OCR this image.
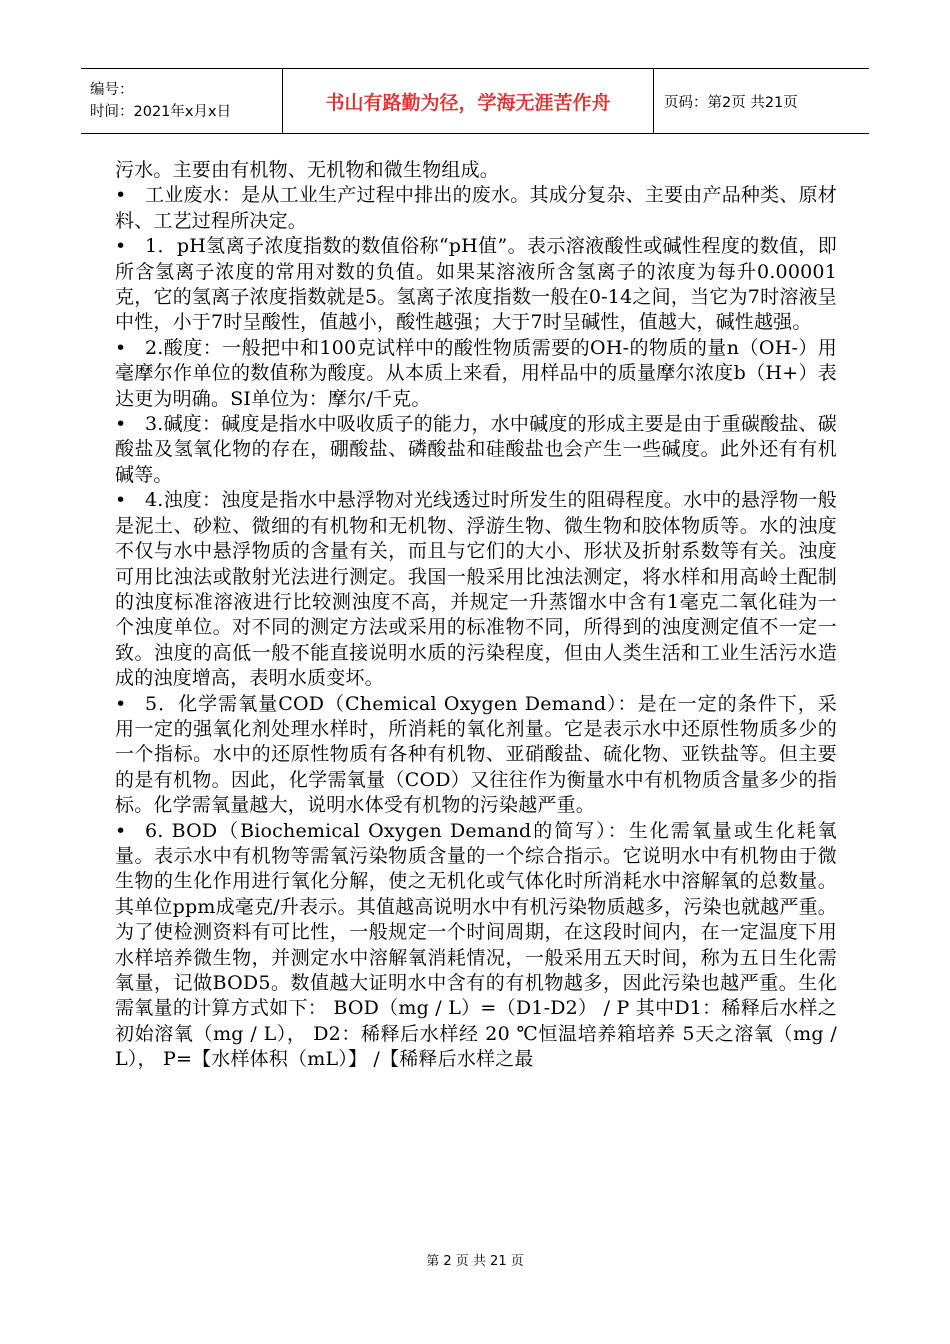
编号：
时间：2021年x月x日	书山有路勤为径，学海无涯苦作舟	页码：第2页 共21页

污水。主要由有机物、无机物和微生物组成。

• 工业废水：是从工业生产过程中排出的废水。其成分复杂、主要由产品种类、原材料、工艺过程所决定。

• 1．pH氢离子浓度指数的数值俗称“pH值”。表示溶液酸性或碱性程度的数值，即所含氢离子浓度的常用对数的负值。如果某溶液所含氢离子的浓度为每升0.00001克，它的氢离子浓度指数就是5。氢离子浓度指数一般在0-14之间，当它为7时溶液呈中性，小于7时呈酸性，值越小，酸性越强；大于7时呈碱性，值越大，碱性越强。

• 2.酸度：一般把中和100克试样中的酸性物质需要的OH-的物质的量n（OH-）用毫摩尔作单位的数值称为酸度。从本质上来看，用样品中的质量摩尔浓度b（H+）表达更为明确。SI单位为：摩尔/千克。

• 3.碱度：碱度是指水中吸收质子的能力，水中碱度的形成主要是由于重碳酸盐、碳酸盐及氢氧化物的存在，硼酸盐、磷酸盐和硅酸盐也会产生一些碱度。此外还有有机碱等。

• 4.浊度：浊度是指水中悬浮物对光线透过时所发生的阻碍程度。水中的悬浮物一般是泥土、砂粒、微细的有机物和无机物、浮游生物、微生物和胶体物质等。水的浊度不仅与水中悬浮物质的含量有关，而且与它们的大小、形状及折射系数等有关。浊度可用比浊法或散射光法进行测定。我国一般采用比浊法测定，将水样和用高岭土配制的浊度标准溶液进行比较测浊度不高，并规定一升蒸馏水中含有1毫克二氧化硅为一个浊度单位。对不同的测定方法或采用的标准物不同，所得到的浊度测定值不一定一致。浊度的高低一般不能直接说明水质的污染程度，但由人类生活和工业生活污水造成的浊度增高，表明水质变坏。

• 5．化学需氧量COD（Chemical Oxygen Demand）：是在一定的条件下，采用一定的强氧化剂处理水样时，所消耗的氧化剂量。它是表示水中还原性物质多少的一个指标。水中的还原性物质有各种有机物、亚硝酸盐、硫化物、亚铁盐等。但主要的是有机物。因此，化学需氧量（COD）又往往作为衡量水中有机物质含量多少的指标。化学需氧量越大，说明水体受有机物的污染越严重。

• 6. BOD（Biochemical Oxygen Demand的简写）：生化需氧量或生化耗氧量。表示水中有机物等需氧污染物质含量的一个综合指示。它说明水中有机物由于微生物的生化作用进行氧化分解，使之无机化或气体化时所消耗水中溶解氧的总数量。其单位ppm成毫克/升表示。其值越高说明水中有机污染物质越多，污染也就越严重。为了使检测资料有可比性，一般规定一个时间周期，在这段时间内，在一定温度下用水样培养微生物，并测定水中溶解氧消耗情况，一般采用五天时间，称为五日生化需氧量，记做BOD5。数值越大证明水中含有的有机物越多，因此污染也越严重。生化需氧量的计算方式如下： BOD（mg / L）=（D1-D2） / P 其中D1：稀释后水样之初始溶氧（mg / L）， D2：稀释后水样经 20 ℃恒温培养箱培养 5天之溶氧（mg / L）， P=【水样体积（mL）】 /【稀释后水样之最

第 2 页 共 21 页
